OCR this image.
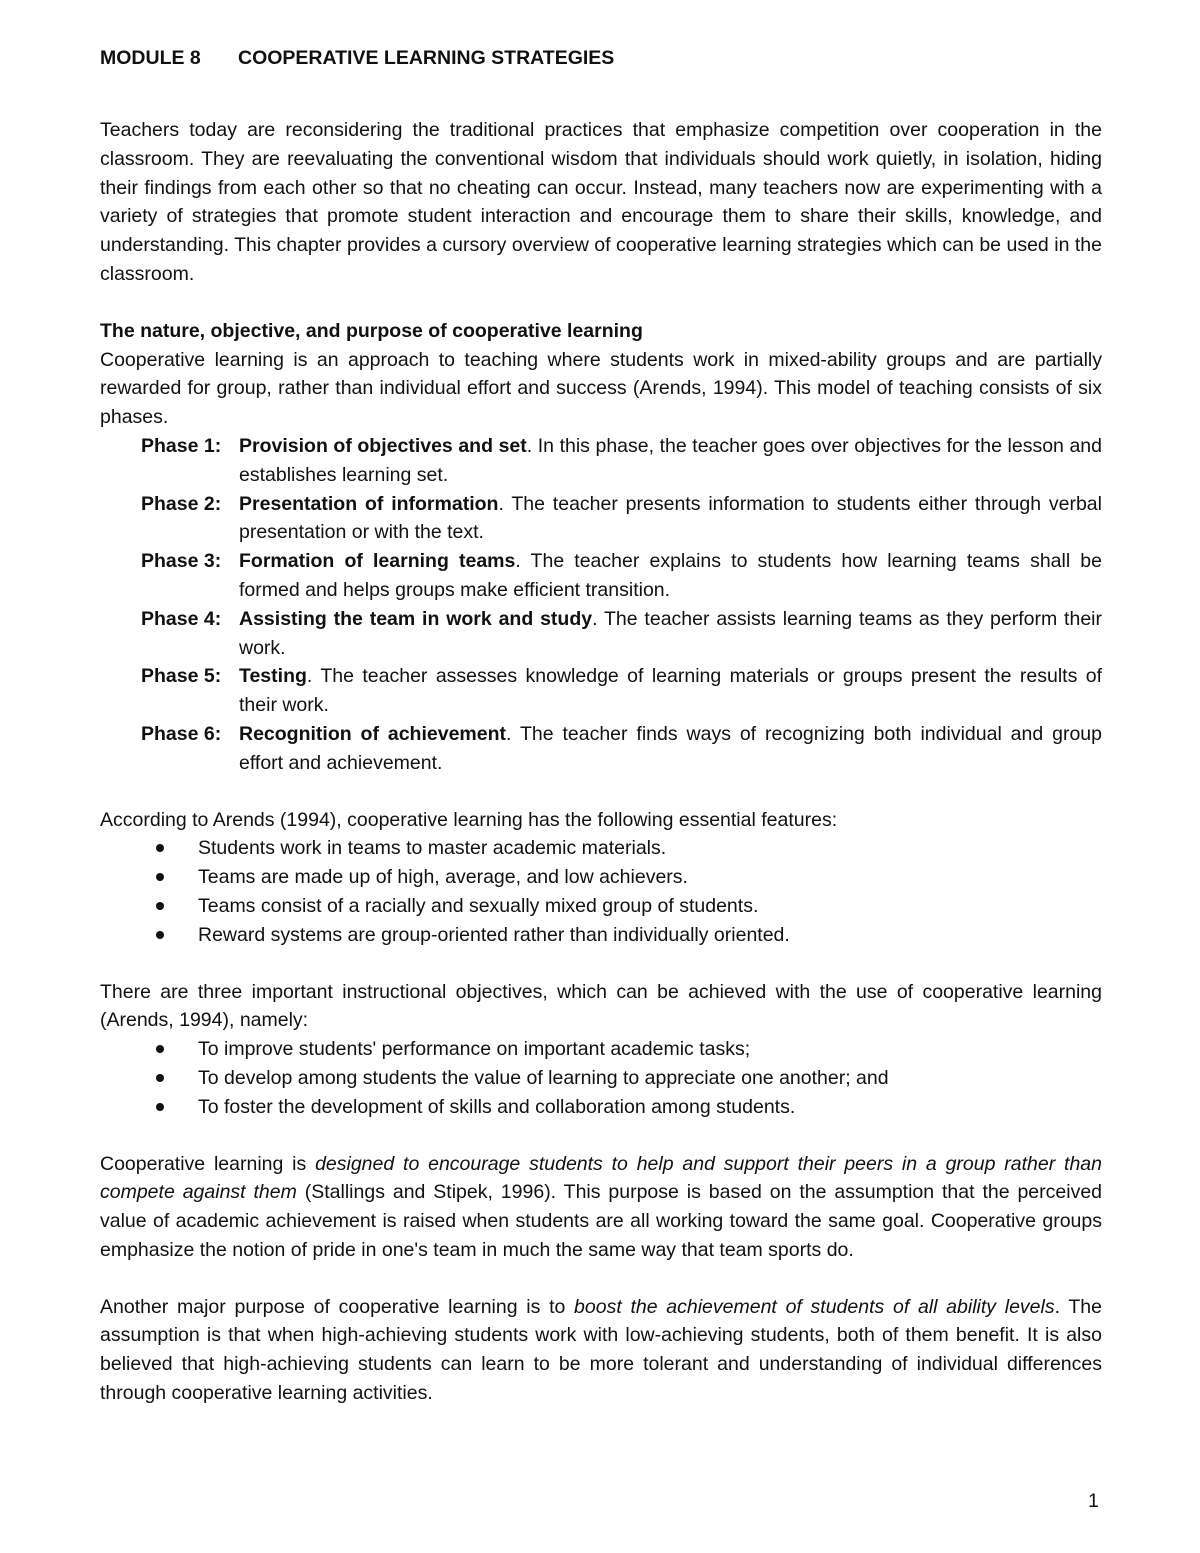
MODULE 8 COOPERATIVE LEARNING STRATEGIES

Teachers today are reconsidering the traditional practices that emphasize competition over cooperation in the classroom. They are reevaluating the conventional wisdom that individuals should work quietly, in isolation, hiding their findings from each other so that no cheating can occur. Instead, many teachers now are experimenting with a variety of strategies that promote student interaction and encourage them to share their skills, knowledge, and understanding. This chapter provides a cursory overview of cooperative learning strategies which can be used in the classroom.

The nature, objective, and purpose of cooperative learning

Cooperative learning is an approach to teaching where students work in mixed-ability groups and are partially rewarded for group, rather than individual effort and success (Arends, 1994). This model of teaching consists of six phases.

Phase 1: Provision of objectives and set. In this phase, the teacher goes over objectives for the lesson and establishes learning set.
Phase 2: Presentation of information. The teacher presents information to students either through verbal presentation or with the text.
Phase 3: Formation of learning teams. The teacher explains to students how learning teams shall be formed and helps groups make efficient transition.
Phase 4: Assisting the team in work and study. The teacher assists learning teams as they perform their work.
Phase 5: Testing. The teacher assesses knowledge of learning materials or groups present the results of their work.
Phase 6: Recognition of achievement. The teacher finds ways of recognizing both individual and group effort and achievement.

According to Arends (1994), cooperative learning has the following essential features:

Students work in teams to master academic materials.
Teams are made up of high, average, and low achievers.
Teams consist of a racially and sexually mixed group of students.
Reward systems are group-oriented rather than individually oriented.

There are three important instructional objectives, which can be achieved with the use of cooperative learning (Arends, 1994), namely:

To improve students' performance on important academic tasks;
To develop among students the value of learning to appreciate one another; and
To foster the development of skills and collaboration among students.

Cooperative learning is designed to encourage students to help and support their peers in a group rather than compete against them (Stallings and Stipek, 1996). This purpose is based on the assumption that the perceived value of academic achievement is raised when students are all working toward the same goal. Cooperative groups emphasize the notion of pride in one's team in much the same way that team sports do.

Another major purpose of cooperative learning is to boost the achievement of students of all ability levels. The assumption is that when high-achieving students work with low-achieving students, both of them benefit. It is also believed that high-achieving students can learn to be more tolerant and understanding of individual differences through cooperative learning activities.

1
